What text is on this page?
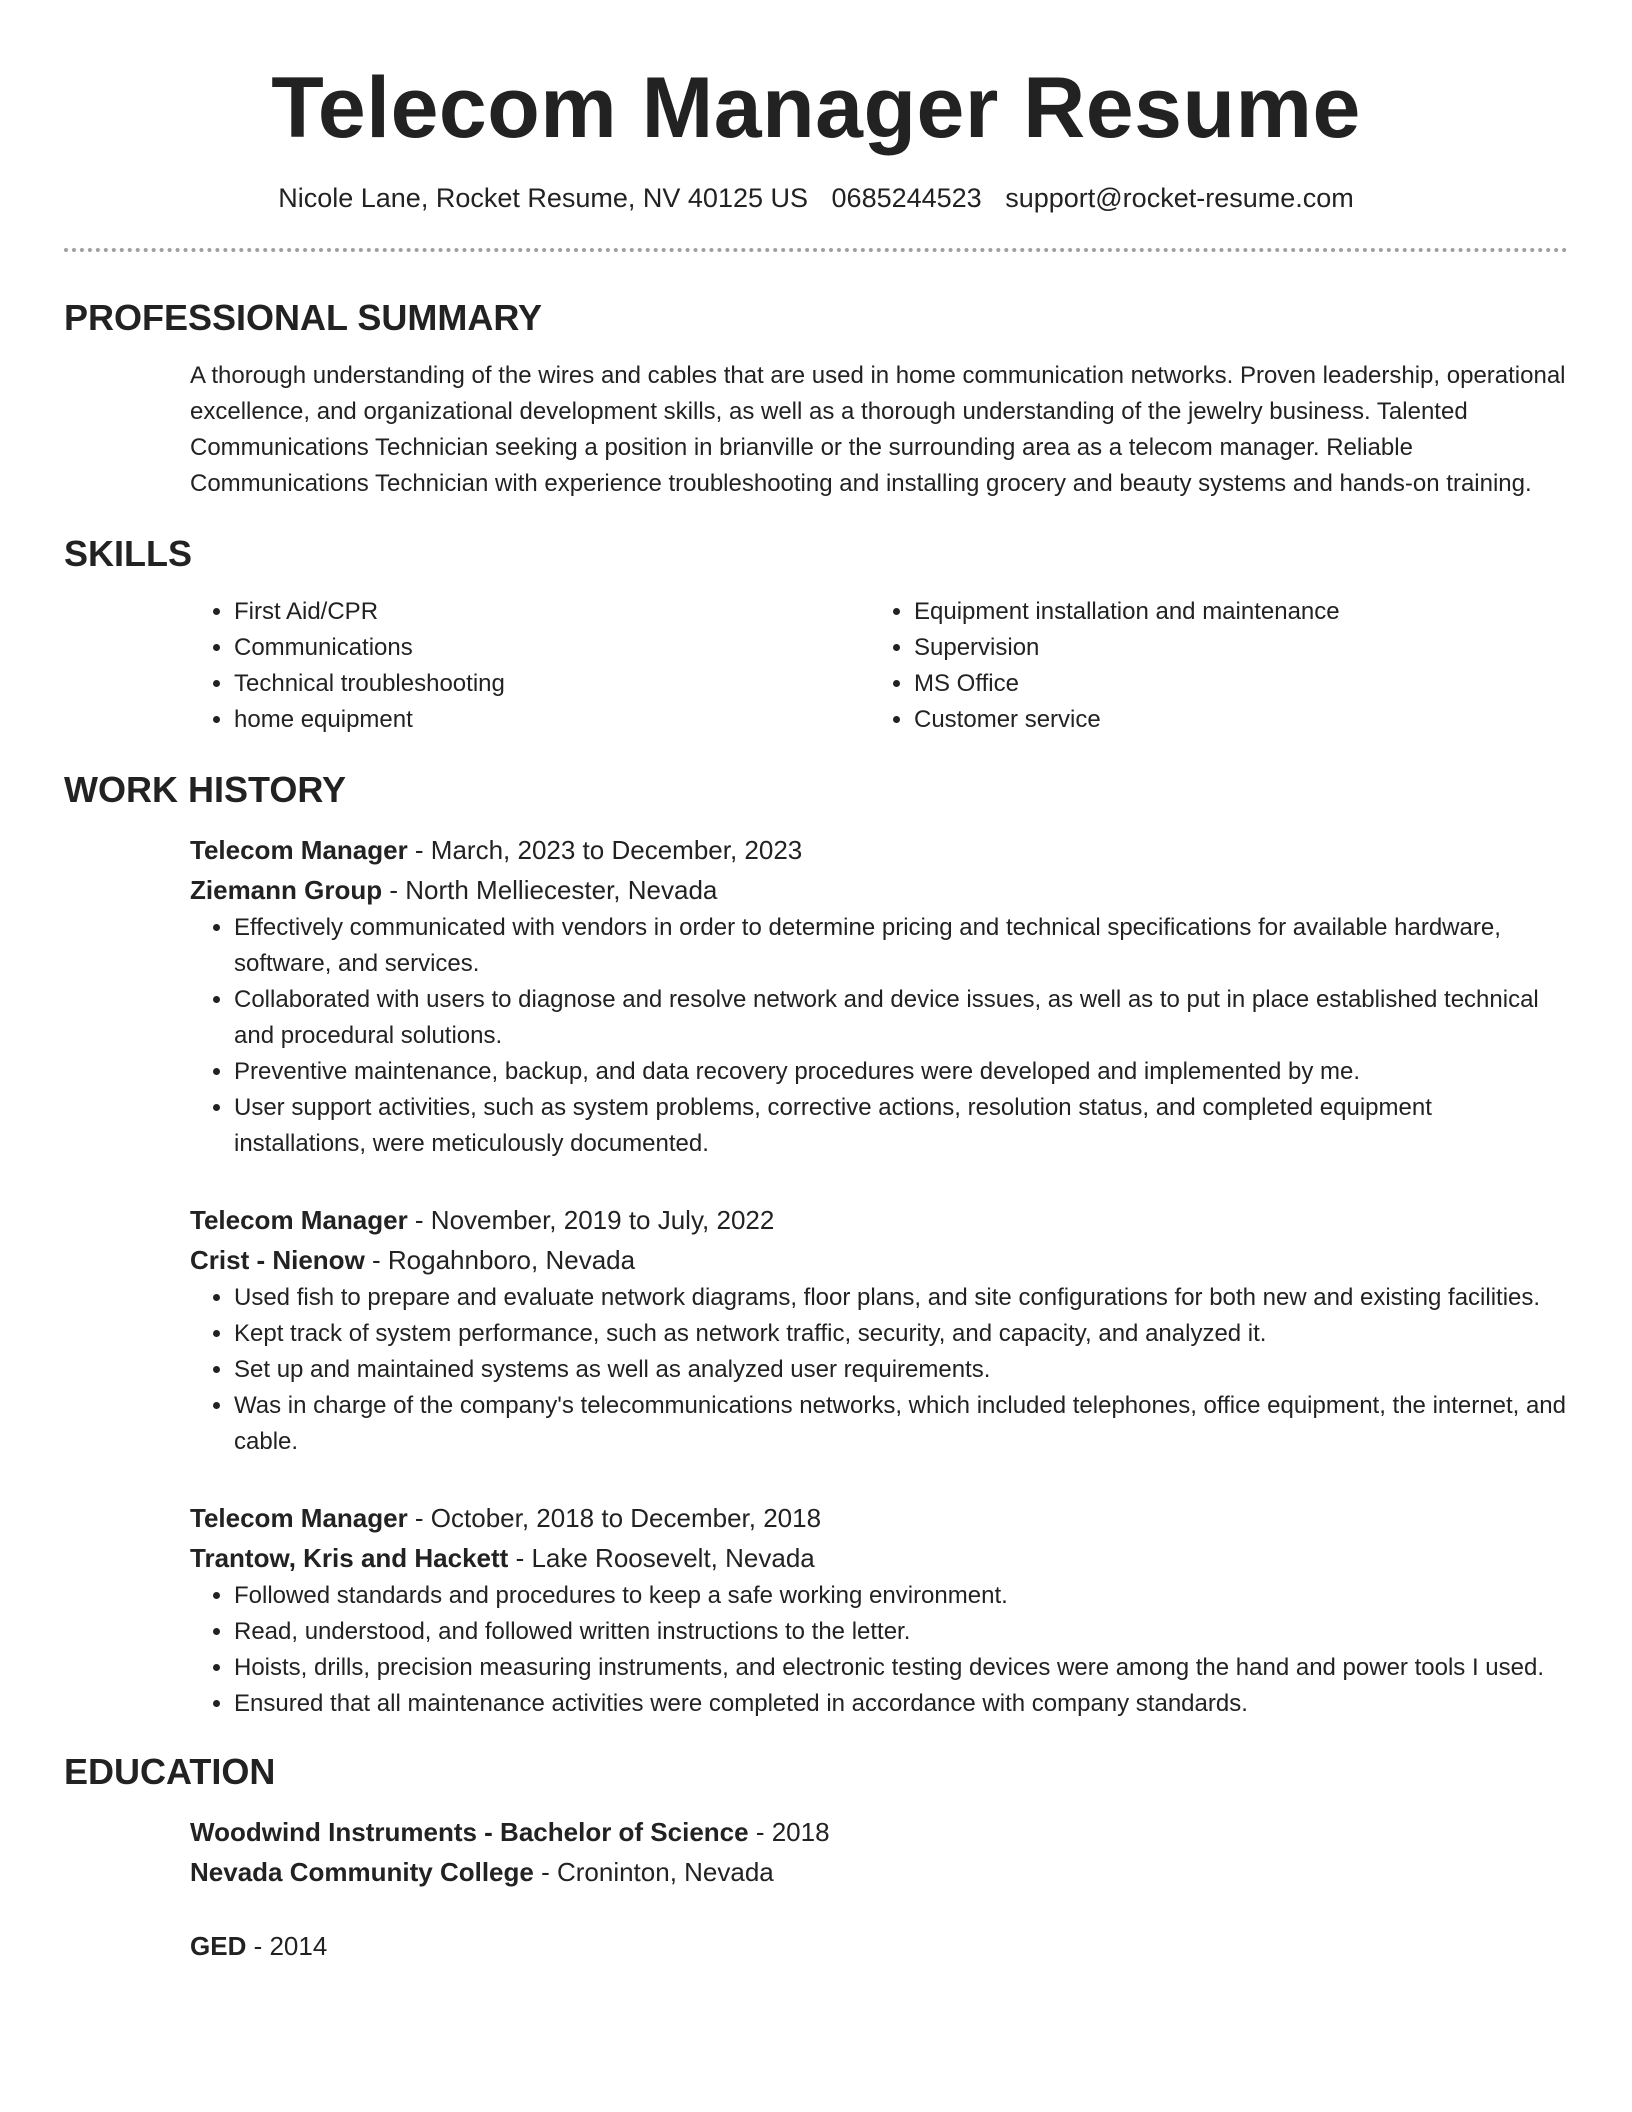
Telecom Manager Resume
Nicole Lane, Rocket Resume, NV 40125 US 0685244523 support@rocket-resume.com
PROFESSIONAL SUMMARY
A thorough understanding of the wires and cables that are used in home communication networks. Proven leadership, operational excellence, and organizational development skills, as well as a thorough understanding of the jewelry business. Talented Communications Technician seeking a position in brianville or the surrounding area as a telecom manager. Reliable Communications Technician with experience troubleshooting and installing grocery and beauty systems and hands-on training.
SKILLS
• First Aid/CPR
• Communications
• Technical troubleshooting
• home equipment
• Equipment installation and maintenance
• Supervision
• MS Office
• Customer service
WORK HISTORY
Telecom Manager - March, 2023 to December, 2023
Ziemann Group - North Melliecester, Nevada
• Effectively communicated with vendors in order to determine pricing and technical specifications for available hardware, software, and services.
• Collaborated with users to diagnose and resolve network and device issues, as well as to put in place established technical and procedural solutions.
• Preventive maintenance, backup, and data recovery procedures were developed and implemented by me.
• User support activities, such as system problems, corrective actions, resolution status, and completed equipment installations, were meticulously documented.
Telecom Manager - November, 2019 to July, 2022
Crist - Nienow - Rogahnboro, Nevada
• Used fish to prepare and evaluate network diagrams, floor plans, and site configurations for both new and existing facilities.
• Kept track of system performance, such as network traffic, security, and capacity, and analyzed it.
• Set up and maintained systems as well as analyzed user requirements.
• Was in charge of the company's telecommunications networks, which included telephones, office equipment, the internet, and cable.
Telecom Manager - October, 2018 to December, 2018
Trantow, Kris and Hackett - Lake Roosevelt, Nevada
• Followed standards and procedures to keep a safe working environment.
• Read, understood, and followed written instructions to the letter.
• Hoists, drills, precision measuring instruments, and electronic testing devices were among the hand and power tools I used.
• Ensured that all maintenance activities were completed in accordance with company standards.
EDUCATION
Woodwind Instruments - Bachelor of Science - 2018
Nevada Community College - Croninton, Nevada
GED - 2014
